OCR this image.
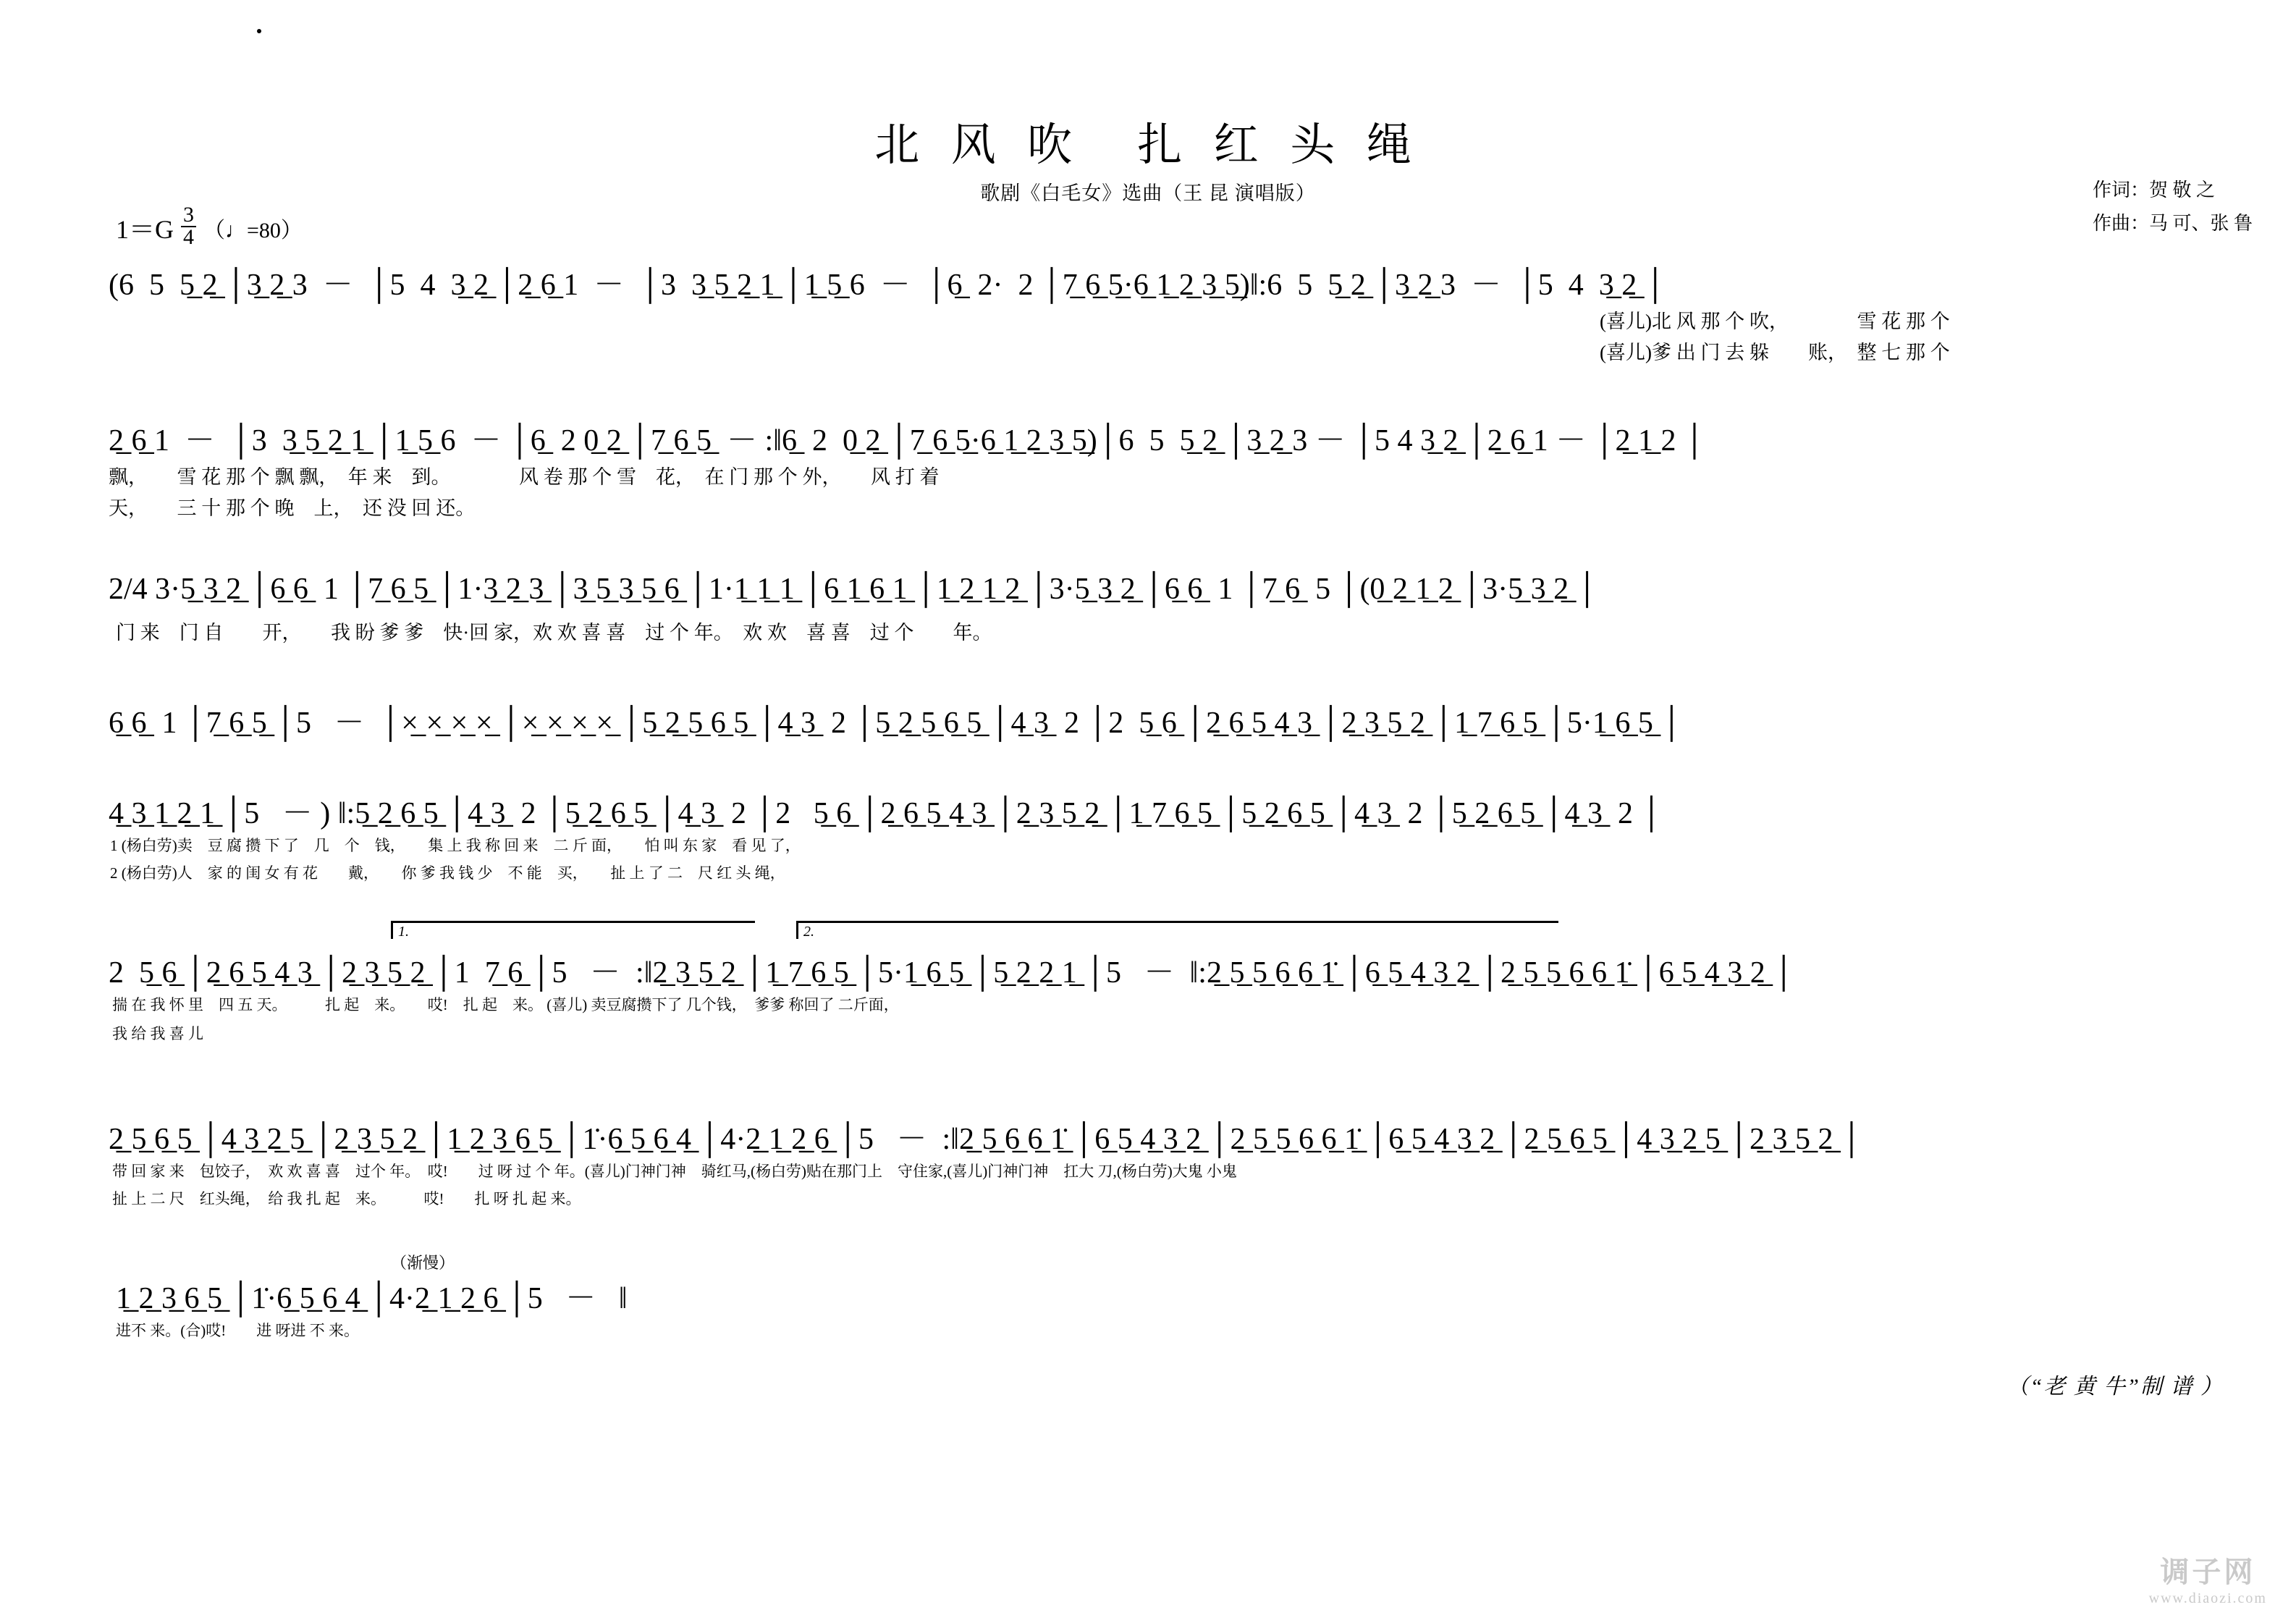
北 风 吹　扎 红 头 绳
歌剧《白毛女》选曲（王 昆 演唱版）	作词：贺 敬 之
作曲：马 可、张 鲁
$1=G \frac{3}{4}$ （♩=80）
(6  5  5̲ 2̲ │3̲ 2̲ 3  －  │5  4  3̲ 2̲ │2̲ 6̲ 1  －  │3  3̲ 5̲ 2̲ 1̲ │1̲ 5̲ 6  －  │6̲  2·  2 │7̲ 6̲ 5̲·6̲ 1̲ 2̲ 3̲ 5̲)‖:6  5  5̲ 2̲ │3̲ 2̲ 3  －  │5  4  3̲ 2̲ │
(喜儿)北 风 那 个 吹，　　　　雪 花 那 个
(喜儿)爹 出 门 去 躲　　账，　整 七 那 个
2̲ 6̲ 1  －  │3  3̲ 5̲ 2̲ 1̲ │1̲ 5̲ 6  － │6̲  2 0̲ 2̲ │7̲ 6̲ 5̲  － :‖6̲  2  0̲ 2̲ │7̲ 6̲ 5̲·6̲ 1̲ 2̲ 3̲ 5̲)│6  5  5̲ 2̲ │3̲ 2̲ 3 － │5 4 3̲ 2̲ │2̲ 6̲ 1 － │2̲ 1̲ 2 │
飘，　　雪 花 那 个 飘 飘，　年 来　到。　　　　风 卷 那 个 雪　花，　在 门 那 个 外，　　风 打 着
天，　　三 十 那 个 晚　上，　还 没 回 还。
2/4 3·5̲ 3̲ 2̲ │6̲ 6̲  1 │7̲ 6̲ 5̲ │1·3̲ 2̲ 3̲ │3̲ 5̲ 3̲ 5̲ 6̲ │1·1̲ 1̲ 1̲ │6̲ 1̲ 6̲ 1̲ │1̲ 2̲ 1̲ 2̲ │3·5̲ 3̲ 2̲ │6̲ 6̲  1 │7̲ 6̲  5 │(0̲ 2̲ 1̲ 2̲ │3·5̲ 3̲ 2̲ │
门 来　门 自　　开，　　我 盼 爹 爹　快·回 家，欢 欢 喜 喜　过 个 年。　欢 欢　喜 喜　过 个　　年。
6̲ 6̲  1 │7̲ 6̲ 5̲ │5   －  │×̲ ×̲ ×̲ ×̲ │×̲ ×̲ ×̲ ×̲ │5̲ 2̲ 5̲ 6̲ 5̲ │4̲ 3̲  2 │5̲ 2̲ 5̲ 6̲ 5̲ │4̲ 3̲  2 │2  5̲ 6̲ │2̲ 6̲ 5̲ 4̲ 3̲ │2̲ 3̲ 5̲ 2̲ │1̲ 7̲ 6̲ 5̲ │5·1̲ 6̲ 5̲ │
4̲ 3̲ 1̲ 2̲ 1̲ │5   － ) ‖:5̲ 2̲ 6̲ 5̲ │4̲ 3̲  2 │5̲ 2̲ 6̲ 5̲ │4̲ 3̲  2 │2   5̲ 6̲ │2̲ 6̲ 5̲ 4̲ 3̲ │2̲ 3̲ 5̲ 2̲ │1̲ 7̲ 6̲ 5̲ │5̲ 2̲ 6̲ 5̲ │4̲ 3̲  2 │5̲ 2̲ 6̲ 5̲ │4̲ 3̲  2 │
1 (杨白劳)卖　豆 腐 攒 下 了　几　个　钱，　　集 上 我 称 回 来　二 斤 面，　　怕 叫 东 家　看 见 了，
2 (杨白劳)人　家 的 闺 女 有 花　　戴，　　你 爹 我 钱 少　不 能　买，　　扯 上 了 二　尺 红 头 绳，
1.	2.
2  5̲ 6̲ │2̲ 6̲ 5̲ 4̲ 3̲ │2̲ 3̲ 5̲ 2̲ │1  7̲ 6̲ │5   －  :‖2̲ 3̲ 5̲ 2̲ │1̲ 7̲ 6̲ 5̲ │5·1̲ 6̲ 5̲ │5̲ 2̲ 2̲ 1̲ │5   －  ‖:2̲ 5̲ 5̲ 6̲ 6̲ 1̲̇ │6̲ 5̲ 4̲ 3̲ 2̲ │2̲ 5̲ 5̲ 6̲ 6̲ 1̲̇ │6̲ 5̲ 4̲ 3̲ 2̲ │
揣 在 我 怀 里　四 五 天。　　　扎 起　来。　　哎!　扎 起　来。 (喜儿) 卖豆腐攒下了 几个钱，　爹爹 称回了 二斤面，
我 给 我 喜 儿
2̲ 5̲ 6̲ 5̲ │4̲ 3̲ 2̲ 5̲ │2̲ 3̲ 5̲ 2̲ │1̲ 2̲ 3̲ 6̲ 5̲ │1̇·6̲ 5̲ 6̲ 4̲ │4·2̲ 1̲ 2̲ 6̲ │5   －  :‖2̲ 5̲ 6̲ 6̲ 1̲̇ │6̲ 5̲ 4̲ 3̲ 2̲ │2̲ 5̲ 5̲ 6̲ 6̲ 1̲̇ │6̲ 5̲ 4̲ 3̲ 2̲ │2̲ 5̲ 6̲ 5̲ │4̲ 3̲ 2̲ 5̲ │2̲ 3̲ 5̲ 2̲ │
带 回 家 来　包饺子，　欢 欢 喜 喜　过个 年。　哎!　　过 呀 过 个 年。(喜儿)门神门神　骑红马,(杨白劳)贴在那门上　守住家,(喜儿)门神门神　扛大 刀,(杨白劳)大鬼 小鬼
扯 上 二 尺　红头绳，　给 我 扎 起　来。　　　哎!　　扎 呀 扎 起 来。
（渐慢）
1̲ 2̲ 3̲ 6̲ 5̲ │1̇·6̲ 5̲ 6̲ 4̲ │4·2̲ 1̲ 2̲ 6̲ │5   －   ‖
进不 来。(合)哎!　　进 呀进 不 来。
（“老 黄 牛”制 谱 ）
调子网
www.diaozi.com
